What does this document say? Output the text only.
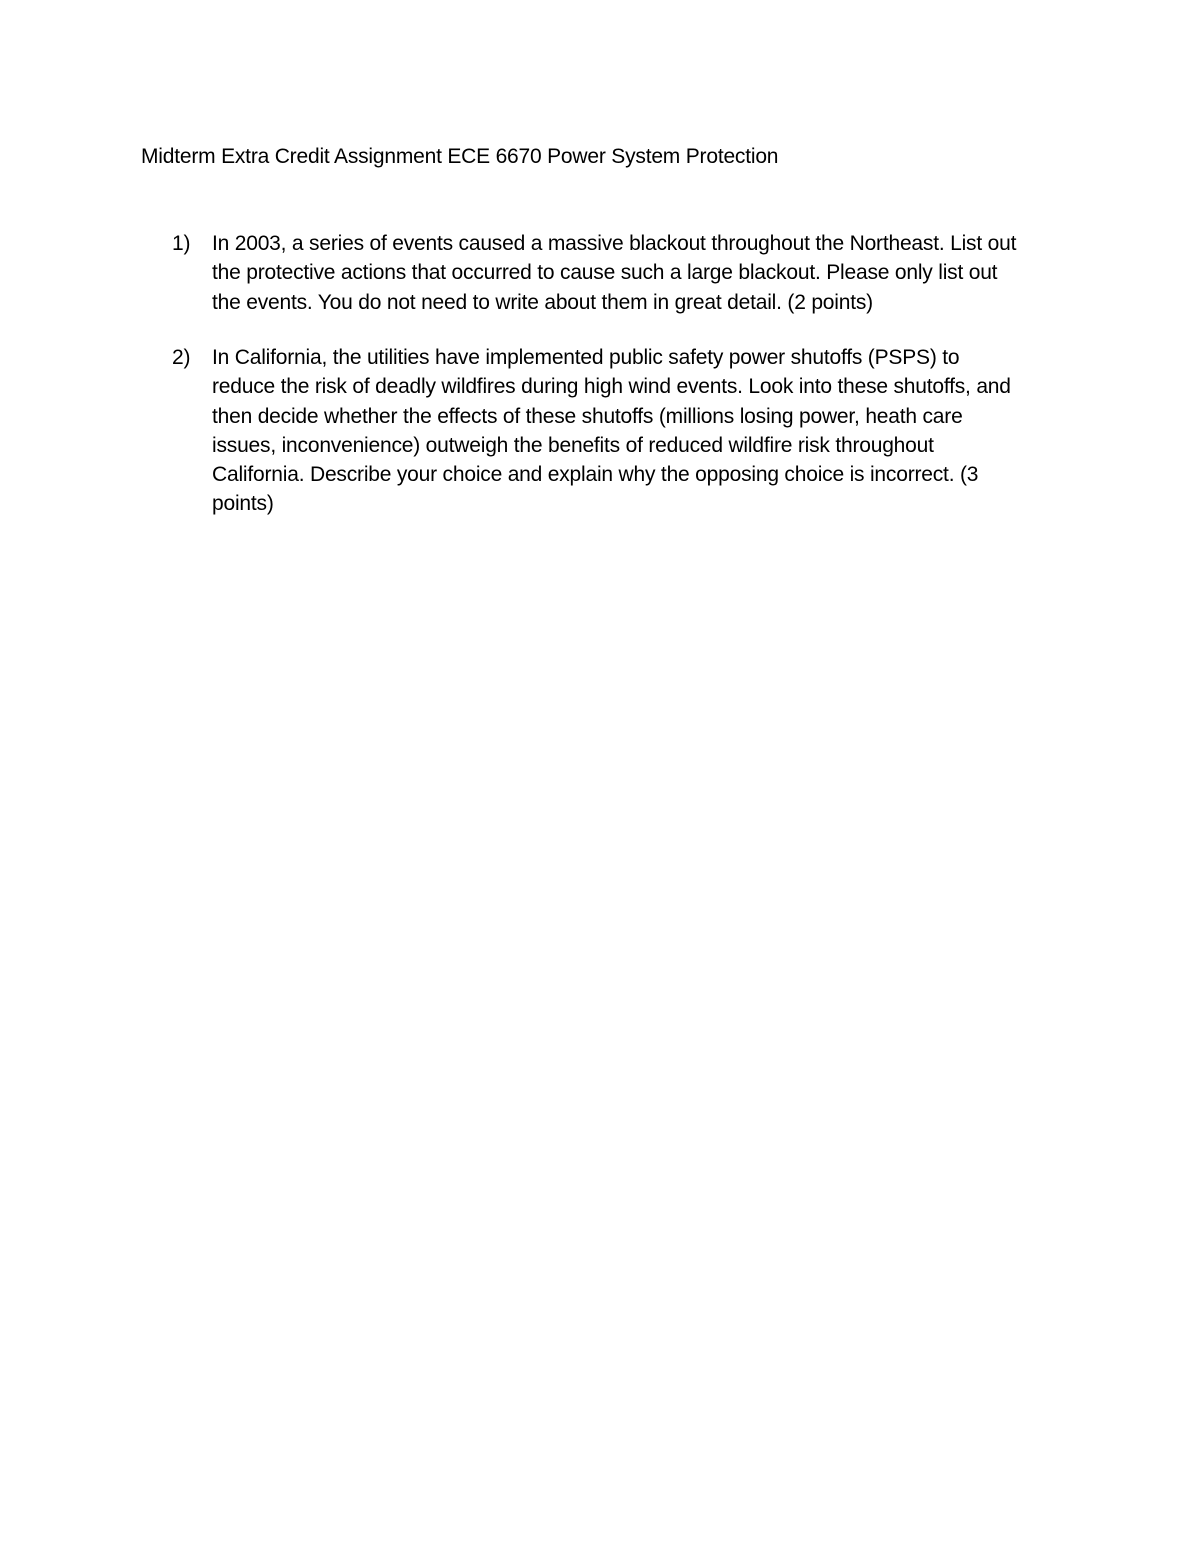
Midterm Extra Credit Assignment ECE 6670 Power System Protection
1)	In 2003, a series of events caused a massive blackout throughout the Northeast. List out
the protective actions that occurred to cause such a large blackout. Please only list out
the events. You do not need to write about them in great detail. (2 points)
2)	In California, the utilities have implemented public safety power shutoffs (PSPS) to
reduce the risk of deadly wildfires during high wind events. Look into these shutoffs, and
then decide whether the effects of these shutoffs (millions losing power, heath care
issues, inconvenience) outweigh the benefits of reduced wildfire risk throughout
California. Describe your choice and explain why the opposing choice is incorrect. (3
points)
